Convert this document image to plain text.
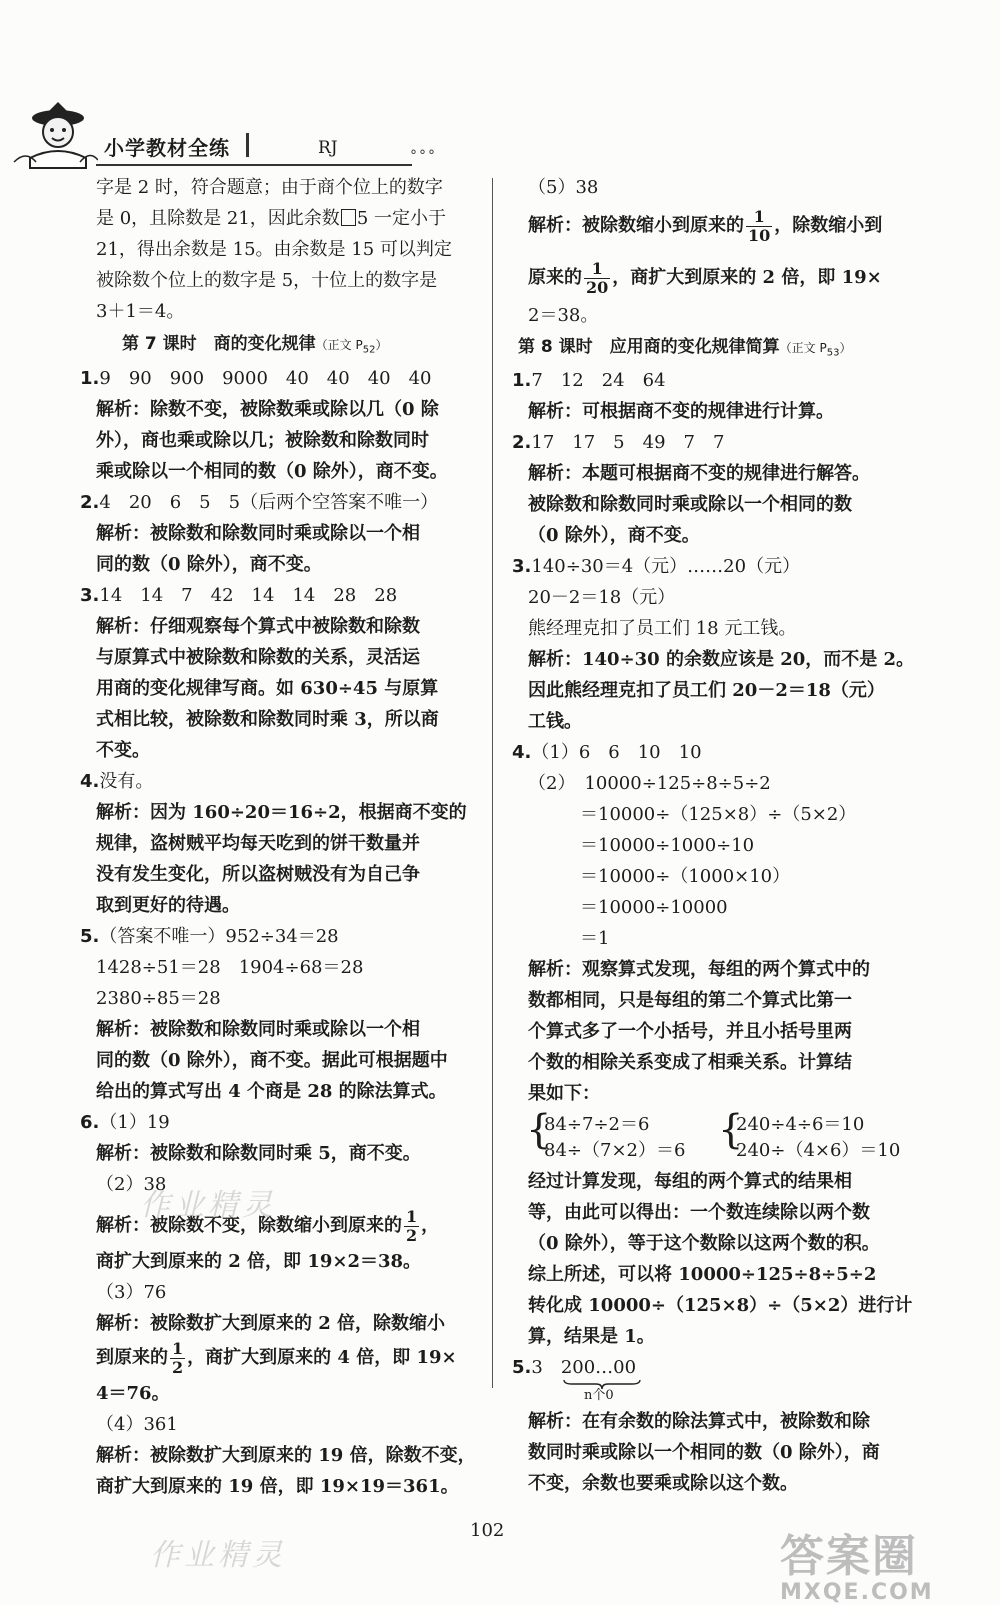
小学教材全练	RJ	°°°
字是 2 时，符合题意；由于商个位上的数字
是 0，且除数是 21，因此余数 5 一定小于
21，得出余数是 15。由余数是 15 可以判定
被除数个位上的数字是 5，十位上的数字是
3＋1＝4。
第 7 课时　商的变化规律（正文 $P_{52}$）
1.9　90　900　9000　40　40　40　40
解析：除数不变，被除数乘或除以几（0 除
外），商也乘或除以几；被除数和除数同时
乘或除以一个相同的数（0 除外），商不变。
2.4　20　6　5　5（后两个空答案不唯一）
解析：被除数和除数同时乘或除以一个相
同的数（0 除外），商不变。
3.14　14　7　42　14　14　28　28
解析：仔细观察每个算式中被除数和除数
与原算式中被除数和除数的关系，灵活运
用商的变化规律写商。如 630÷45 与原算
式相比较，被除数和除数同时乘 3，所以商
不变。
4.没有。
解析：因为 160÷20＝16÷2，根据商不变的
规律，盗树贼平均每天吃到的饼干数量并
没有发生变化，所以盗树贼没有为自己争
取到更好的待遇。
5.（答案不唯一）952÷34＝28
1428÷51＝28　1904÷68＝28
2380÷85＝28
解析：被除数和除数同时乘或除以一个相
同的数（0 除外），商不变。据此可根据题中
给出的算式写出 4 个商是 28 的除法算式。
6.（1）19
解析：被除数和除数同时乘 5，商不变。
（2）38
解析：被除数不变，除数缩小到原来的 $\frac{1}{2}$ ，
商扩大到原来的 2 倍，即 19×2＝38。
（3）76
解析：被除数扩大到原来的 2 倍，除数缩小
到原来的 $\frac{1}{2}$ ，商扩大到原来的 4 倍，即 19×
4＝76。
（4）361
解析：被除数扩大到原来的 19 倍，除数不变，
商扩大到原来的 19 倍，即 19×19＝361。
（5）38
解析：被除数缩小到原来的 $\frac{1}{10}$ ，除数缩小到
原来的 $\frac{1}{20}$ ，商扩大到原来的 2 倍，即 19×
2＝38。
第 8 课时　应用商的变化规律简算（正文 $P_{53}$）
1.7　12　24　64
解析：可根据商不变的规律进行计算。
2.17　17　5　49　7　7
解析：本题可根据商不变的规律进行解答。
被除数和除数同时乘或除以一个相同的数
（0 除外），商不变。
3.140÷30＝4（元）……20（元）
20－2＝18（元）
熊经理克扣了员工们 18 元工钱。
解析：140÷30 的余数应该是 20，而不是 2。
因此熊经理克扣了员工们 20－2＝18（元）
工钱。
4.（1）6　6　10　10
（2）　10000÷125÷8÷5÷2
＝10000÷（125×8）÷（5×2）
＝10000÷1000÷10
＝10000÷（1000×10）
＝10000÷10000
＝1
解析：观察算式发现，每组的两个算式中的
数都相同，只是每组的第二个算式比第一
个算式多了一个小括号，并且小括号里两
个数的相除关系变成了相乘关系。计算结
果如下：
{
84÷7÷2＝6
84÷（7×2）＝6 {
240÷4÷6＝10
240÷（4×6）＝10
经过计算发现，每组的两个算式的结果相
等，由此可以得出：一个数连续除以两个数
（0 除外），等于这个数除以这两个数的积。
综上所述，可以将 10000÷125÷8÷5÷2
转化成 10000÷（125×8）÷（5×2）进行计
算，结果是 1。
5.3 200…00
n个0
解析：在有余数的除法算式中，被除数和除
数同时乘或除以一个相同的数（0 除外），商
不变，余数也要乘或除以这个数。
102
作业精灵
作业精灵	答案圈
MXQE.COM
